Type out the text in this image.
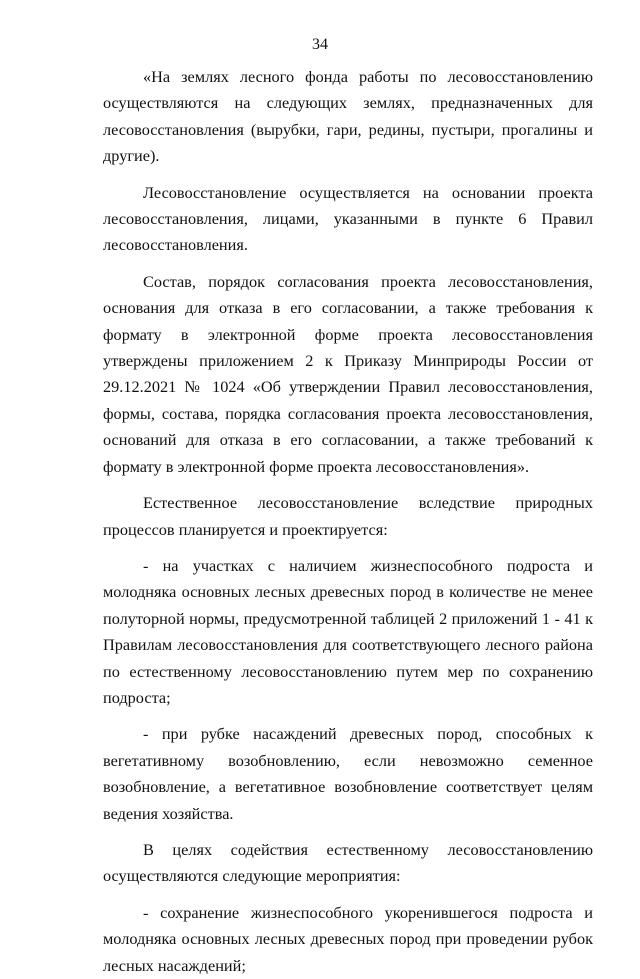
34

«На землях лесного фонда работы по лесовосстановлению осуществляются на следующих землях, предназначенных для лесовосстановления (вырубки, гари, редины, пустыри, прогалины и другие).

Лесовосстановление осуществляется на основании проекта лесовосстановления, лицами, указанными в пункте 6 Правил лесовосстановления.

Состав, порядок согласования проекта лесовосстановления, основания для отказа в его согласовании, а также требования к формату в электронной форме проекта лесовосстановления утверждены приложением 2 к Приказу Минприроды России от 29.12.2021 № 1024 «Об утверждении Правил лесовосстановления, формы, состава, порядка согласования проекта лесовосстановления, оснований для отказа в его согласовании, а также требований к формату в электронной форме проекта лесовосстановления».

Естественное лесовосстановление вследствие природных процессов планируется и проектируется:

- на участках с наличием жизнеспособного подроста и молодняка основных лесных древесных пород в количестве не менее полуторной нормы, предусмотренной таблицей 2 приложений 1 - 41 к Правилам лесовосстановления для соответствующего лесного района по естественному лесовосстановлению путем мер по сохранению подроста;

- при рубке насаждений древесных пород, способных к вегетативному возобновлению, если невозможно семенное возобновление, а вегетативное возобновление соответствует целям ведения хозяйства.

В целях содействия естественному лесовосстановлению осуществляются следующие мероприятия:

- сохранение жизнеспособного укоренившегося подроста и молодняка основных лесных древесных пород при проведении рубок лесных насаждений;
